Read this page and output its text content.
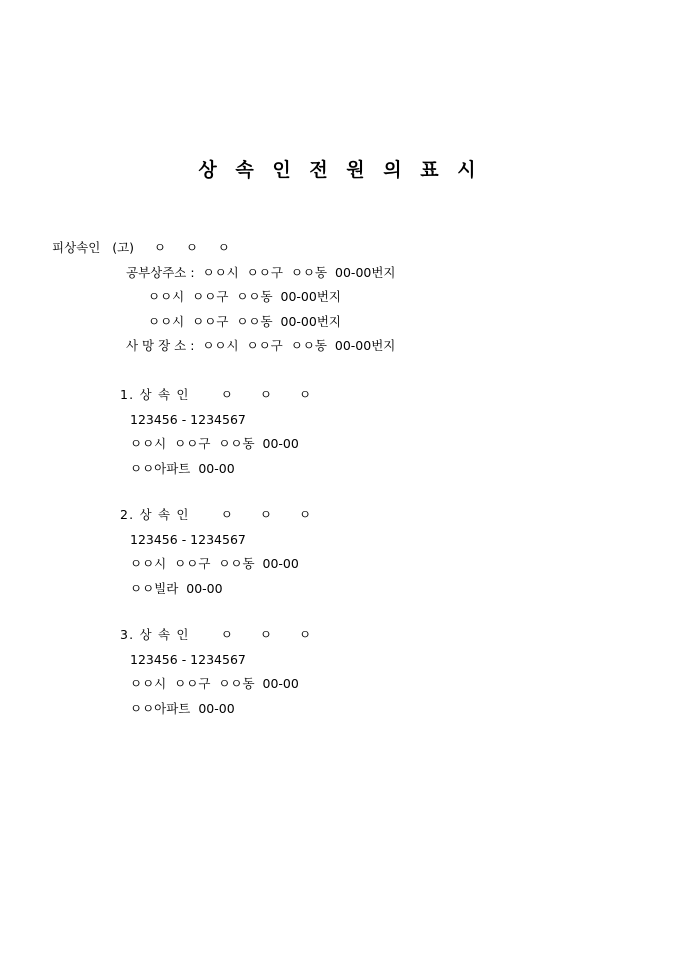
상 속 인 전 원 의 표 시
피상속인   (고)     ㅇ     ㅇ     ㅇ
공부상주소 :  ㅇㅇ시  ㅇㅇ구  ㅇㅇ동  00-00번지
ㅇㅇ시  ㅇㅇ구  ㅇㅇ동  00-00번지
ㅇㅇ시  ㅇㅇ구  ㅇㅇ동  00-00번지
사 망 장 소 :  ㅇㅇ시  ㅇㅇ구  ㅇㅇ동  00-00번지
1. 상 속 인      ㅇ     ㅇ     ㅇ
123456 - 1234567
ㅇㅇ시  ㅇㅇ구  ㅇㅇ동  00-00
ㅇㅇ아파트  00-00
2. 상 속 인      ㅇ     ㅇ     ㅇ
123456 - 1234567
ㅇㅇ시  ㅇㅇ구  ㅇㅇ동  00-00
ㅇㅇ빌라  00-00
3. 상 속 인      ㅇ     ㅇ     ㅇ
123456 - 1234567
ㅇㅇ시  ㅇㅇ구  ㅇㅇ동  00-00
ㅇㅇ아파트  00-00
